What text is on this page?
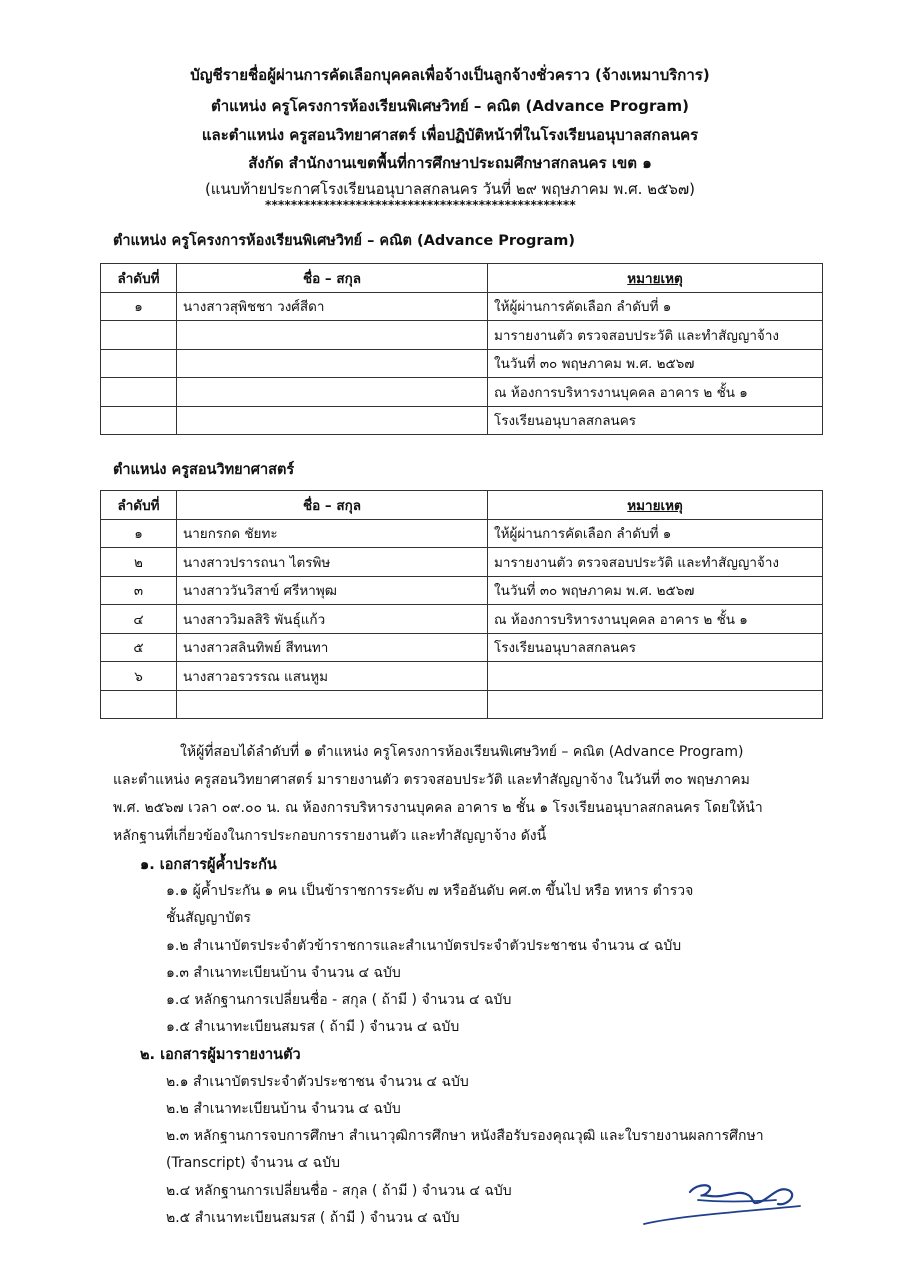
บัญชีรายชื่อผู้ผ่านการคัดเลือกบุคคลเพื่อจ้างเป็นลูกจ้างชั่วคราว (จ้างเหมาบริการ)
ตำแหน่ง ครูโครงการห้องเรียนพิเศษวิทย์ – คณิต (Advance Program)
และตำแหน่ง ครูสอนวิทยาศาสตร์ เพื่อปฏิบัติหน้าที่ในโรงเรียนอนุบาลสกลนคร
สังกัด สำนักงานเขตพื้นที่การศึกษาประถมศึกษาสกลนคร เขต ๑
(แนบท้ายประกาศโรงเรียนอนุบาลสกลนคร วันที่ ๒๙ พฤษภาคม พ.ศ. ๒๕๖๗)
************************************************
ตำแหน่ง ครูโครงการห้องเรียนพิเศษวิทย์ – คณิต (Advance Program)
ลำดับที่	ชื่อ – สกุล	หมายเหตุ
๑	นางสาวสุพิชชา วงศ์สีดา	ให้ผู้ผ่านการคัดเลือก ลำดับที่ ๑
		มารายงานตัว ตรวจสอบประวัติ และทำสัญญาจ้าง
		ในวันที่ ๓๐ พฤษภาคม พ.ศ. ๒๕๖๗
		ณ ห้องการบริหารงานบุคคล อาคาร ๒ ชั้น ๑
		โรงเรียนอนุบาลสกลนคร
ตำแหน่ง ครูสอนวิทยาศาสตร์
ลำดับที่	ชื่อ – สกุล	หมายเหตุ
๑	นายกรกด ชัยทะ	ให้ผู้ผ่านการคัดเลือก ลำดับที่ ๑
๒	นางสาวปรารถนา ไตรพิษ	มารายงานตัว ตรวจสอบประวัติ และทำสัญญาจ้าง
๓	นางสาววันวิสาข์ ศรีหาพุฒ	ในวันที่ ๓๐ พฤษภาคม พ.ศ. ๒๕๖๗
๔	นางสาววิมลสิริ พันธุ์แก้ว	ณ ห้องการบริหารงานบุคคล อาคาร ๒ ชั้น ๑
๕	นางสาวสลินทิพย์ สีทนทา	โรงเรียนอนุบาลสกลนคร
๖	นางสาวอรวรรณ แสนหูม	

ให้ผู้ที่สอบได้ลำดับที่ ๑ ตำแหน่ง ครูโครงการห้องเรียนพิเศษวิทย์ – คณิต (Advance Program)
และตำแหน่ง ครูสอนวิทยาศาสตร์ มารายงานตัว ตรวจสอบประวัติ และทำสัญญาจ้าง ในวันที่ ๓๐ พฤษภาคม
พ.ศ. ๒๕๖๗ เวลา ๐๙.๐๐ น. ณ ห้องการบริหารงานบุคคล อาคาร ๒ ชั้น ๑ โรงเรียนอนุบาลสกลนคร โดยให้นำ
หลักฐานที่เกี่ยวข้องในการประกอบการรายงานตัว และทำสัญญาจ้าง ดังนี้
๑. เอกสารผู้ค้ำประกัน
๑.๑ ผู้ค้ำประกัน ๑ คน เป็นข้าราชการระดับ ๗ หรืออันดับ คศ.๓ ขึ้นไป หรือ ทหาร ตำรวจ
ชั้นสัญญาบัตร
๑.๒ สำเนาบัตรประจำตัวข้าราชการและสำเนาบัตรประจำตัวประชาชน จำนวน ๔ ฉบับ
๑.๓ สำเนาทะเบียนบ้าน จำนวน ๔ ฉบับ
๑.๔ หลักฐานการเปลี่ยนชื่อ - สกุล ( ถ้ามี ) จำนวน ๔ ฉบับ
๑.๕ สำเนาทะเบียนสมรส ( ถ้ามี ) จำนวน ๔ ฉบับ
๒. เอกสารผู้มารายงานตัว
๒.๑ สำเนาบัตรประจำตัวประชาชน จำนวน ๔ ฉบับ
๒.๒ สำเนาทะเบียนบ้าน จำนวน ๔ ฉบับ
๒.๓ หลักฐานการจบการศึกษา สำเนาวุฒิการศึกษา หนังสือรับรองคุณวุฒิ และใบรายงานผลการศึกษา
(Transcript) จำนวน ๔ ฉบับ
๒.๔ หลักฐานการเปลี่ยนชื่อ - สกุล ( ถ้ามี ) จำนวน ๔ ฉบับ
๒.๕ สำเนาทะเบียนสมรส ( ถ้ามี ) จำนวน ๔ ฉบับ
